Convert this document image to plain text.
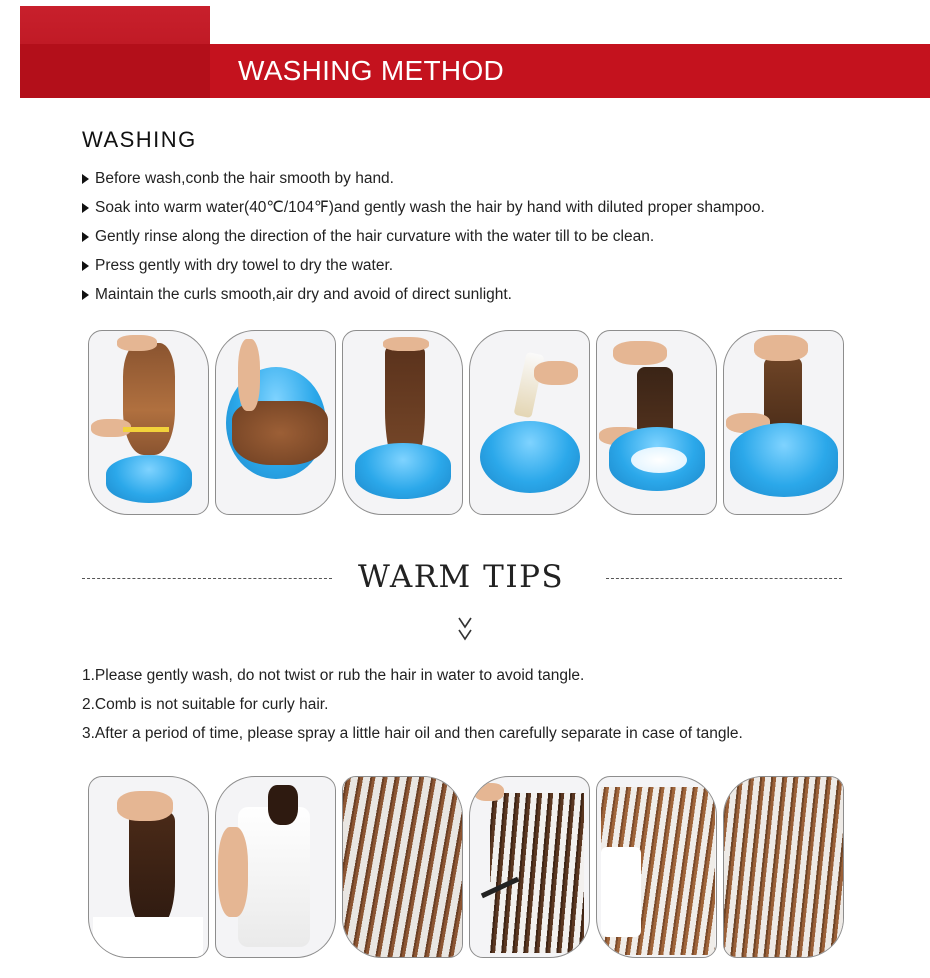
WASHING METHOD
WASHING
Before wash,conb the hair smooth by hand.
Soak into warm water(40℃/104℉)and gently wash the hair by hand with diluted proper shampoo.
Gently rinse along the direction of the hair curvature with the water till to be clean.
Press gently with dry towel to dry the water.
Maintain the curls smooth,air dry and avoid of direct sunlight.
WARM TIPS
1.Please gently wash, do not twist or rub the hair in water to avoid tangle.
2.Comb is not suitable for curly hair.
3.After a period of time, please spray a little hair oil and then carefully separate in case of tangle.
